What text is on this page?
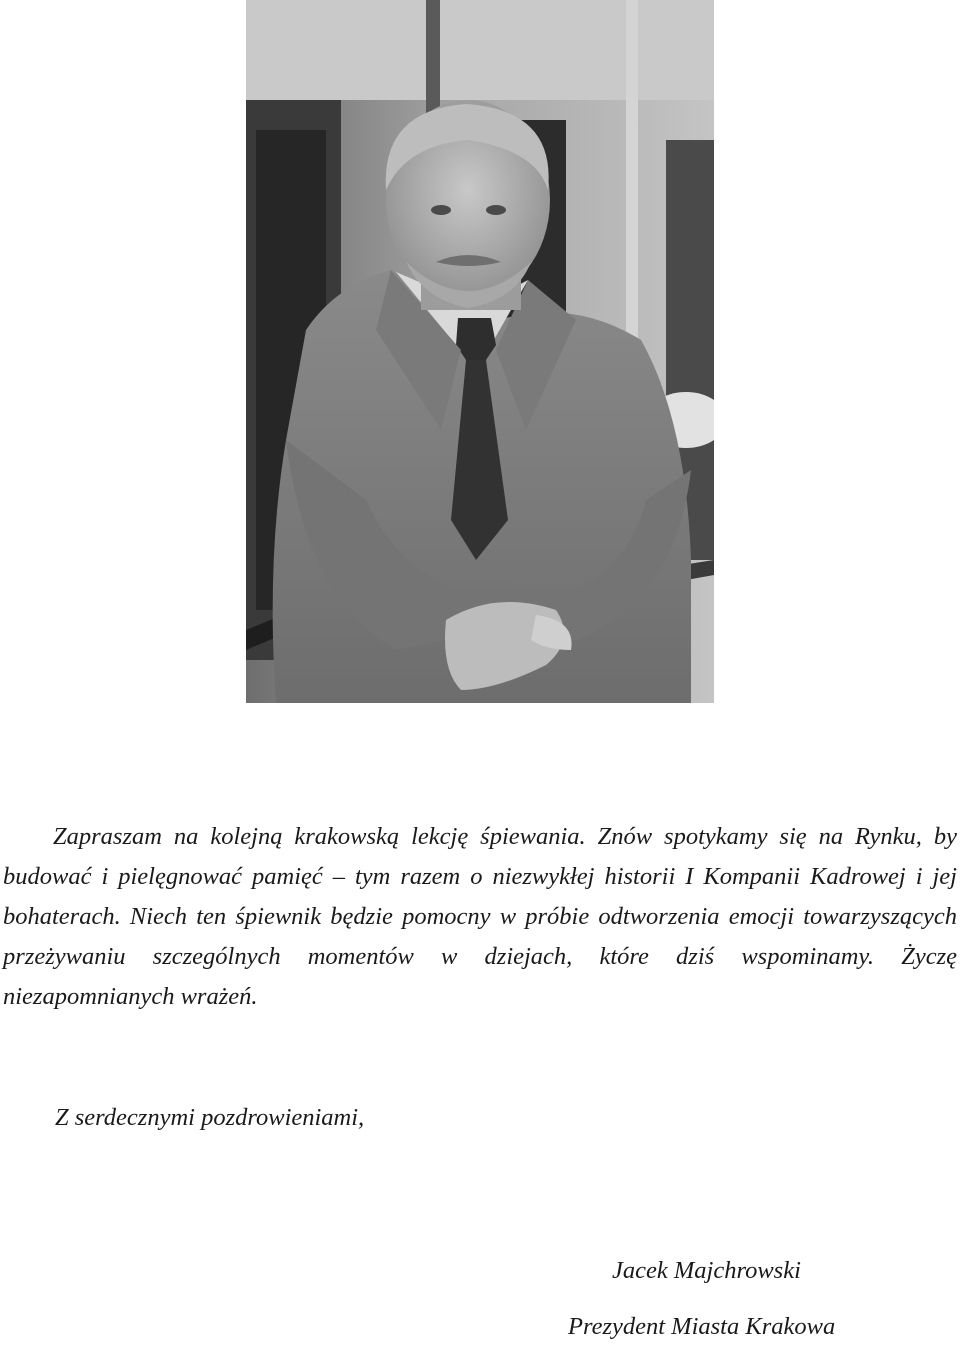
Zapraszam na kolejną krakowską lekcję śpiewania. Znów spotykamy się na Rynku, by budować i pielęgnować pamięć – tym razem o niezwykłej historii I Kompanii Kadrowej i jej bohaterach. Niech ten śpiewnik będzie pomocny w próbie odtworzenia emocji towarzyszących przeżywaniu szczególnych momentów w dziejach, które dziś wspominamy. Życzę niezapomnianych wrażeń.

Z serdecznymi pozdrowieniami,
Jacek Majchrowski
Prezydent Miasta Krakowa
